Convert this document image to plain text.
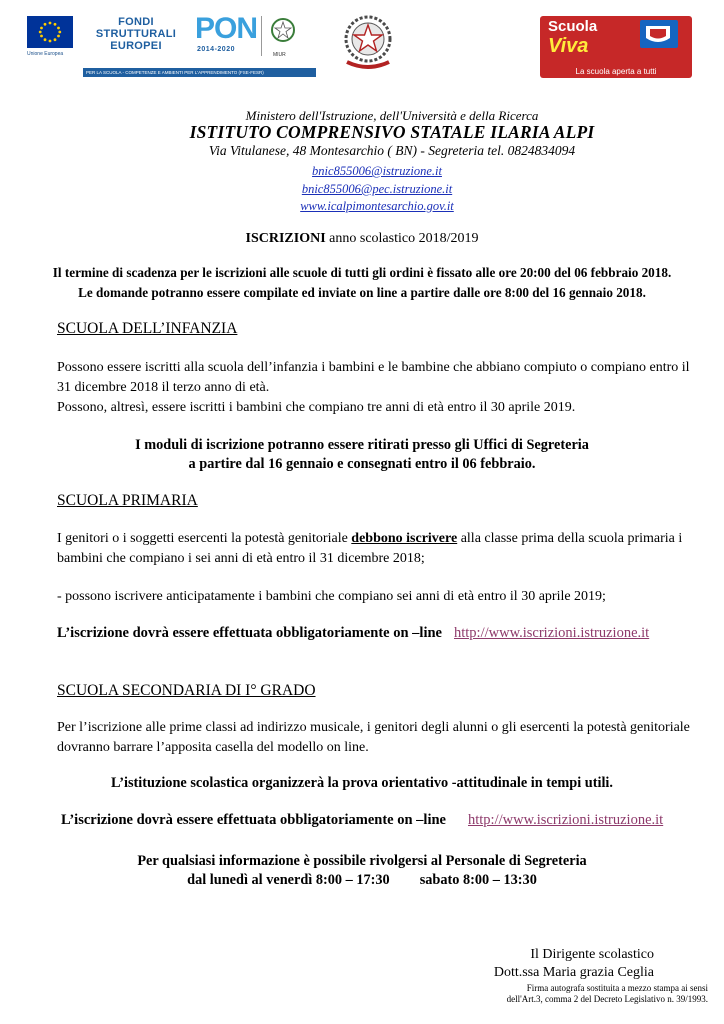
Unione Europea
FONDI
STRUTTURALI
EUROPEI
PON
2014-2020
MIUR
PER LA SCUOLA - COMPETENZE E AMBIENTI PER L'APPRENDIMENTO (FSE-FESR)
Scuola
Viva
La scuola aperta a tutti
Ministero dell'Istruzione, dell'Università e della Ricerca
ISTITUTO COMPRENSIVO STATALE ILARIA ALPI
Via Vitulanese, 48 Montesarchio ( BN) - Segreteria tel. 0824834094
bnic855006@istruzione.it
bnic855006@pec.istruzione.it
www.icalpimontesarchio.gov.it
ISCRIZIONI anno scolastico 2018/2019
Il termine di scadenza per le iscrizioni alle scuole di tutti gli ordini è fissato alle ore 20:00 del 06 febbraio 2018.
Le domande potranno essere compilate ed inviate on line a partire dalle ore 8:00 del 16 gennaio 2018.
SCUOLA DELL’INFANZIA
Possono essere iscritti alla scuola dell’infanzia i bambini e le bambine che abbiano compiuto o compiano entro il 31 dicembre 2018 il terzo anno di età.
Possono, altresì, essere iscritti i bambini che compiano tre anni di età entro il 30 aprile 2019.
I moduli di iscrizione potranno essere ritirati presso gli Uffici di Segreteria
a partire dal 16 gennaio e consegnati entro il 06 febbraio.
SCUOLA PRIMARIA
I genitori o i soggetti esercenti la potestà genitoriale debbono iscrivere alla classe prima della scuola primaria i bambini che compiano i sei anni di età entro il 31 dicembre 2018;
- possono iscrivere anticipatamente i bambini che compiano sei anni di età entro il 30 aprile 2019;
L’iscrizione dovrà essere effettuata obbligatoriamente on –line http://www.iscrizioni.istruzione.it
SCUOLA SECONDARIA DI I° GRADO
Per l’iscrizione alle prime classi ad indirizzo musicale, i genitori degli alunni o gli esercenti la potestà genitoriale dovranno barrare l’apposita casella del modello on line.
L’istituzione scolastica organizzerà la prova orientativo -attitudinale in tempi utili.
L’iscrizione dovrà essere effettuata obbligatoriamente on –line http://www.iscrizioni.istruzione.it
Per qualsiasi informazione è possibile rivolgersi al Personale di Segreteria
dal lunedì al venerdì 8:00 – 17:30 sabato 8:00 – 13:30
Il Dirigente scolastico
Dott.ssa Maria grazia Ceglia
Firma autografa sostituita a mezzo stampa ai sensi
dell'Art.3, comma 2 del Decreto Legislativo n. 39/1993.
